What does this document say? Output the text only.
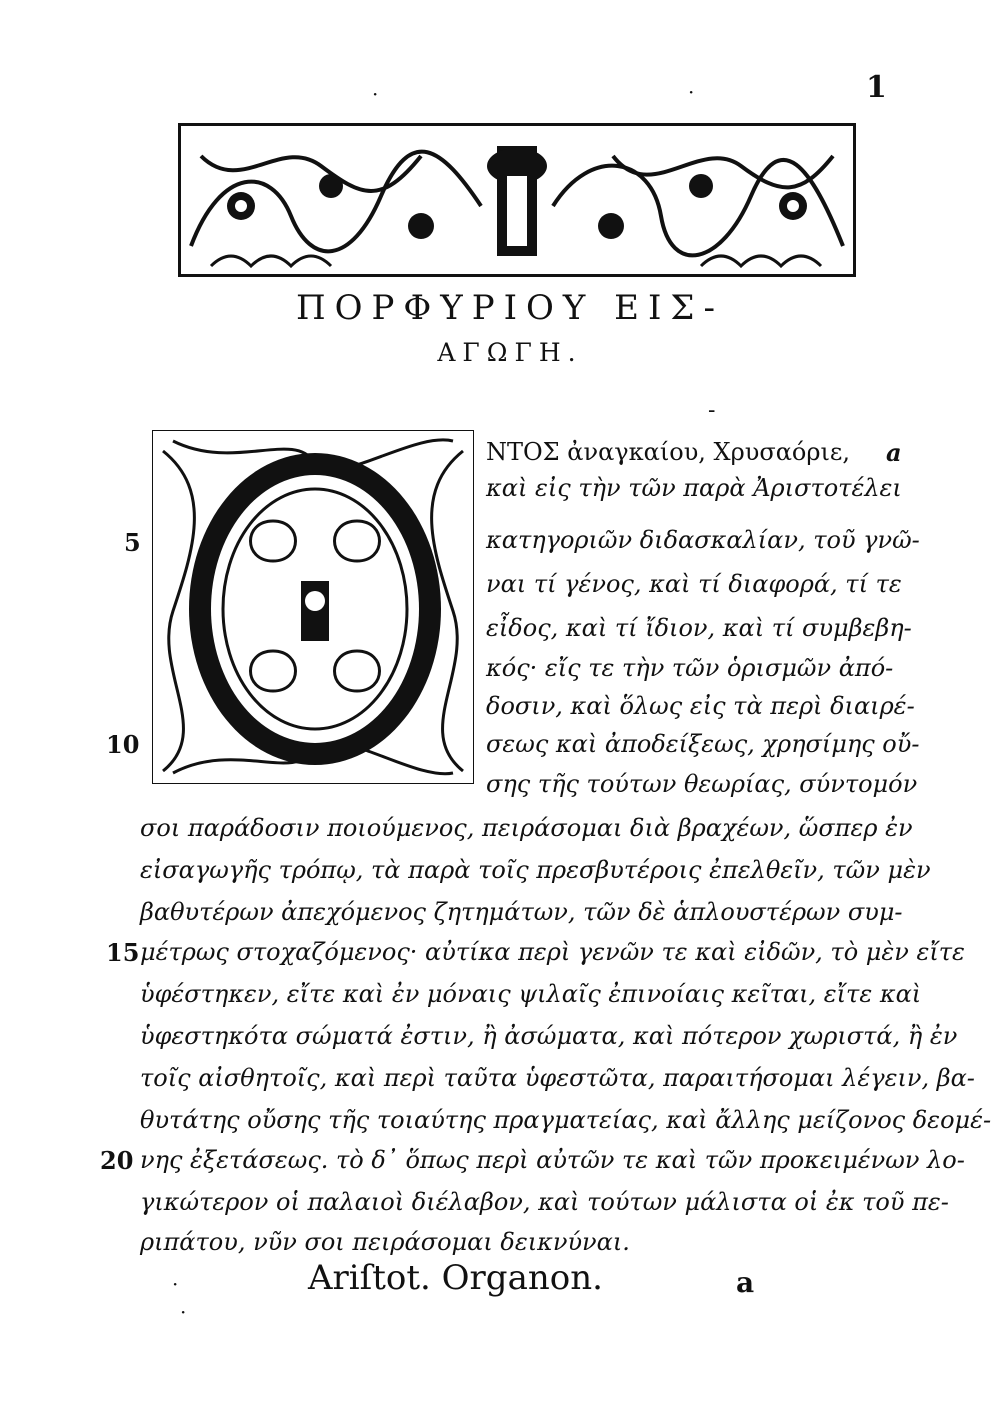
1
·	·
ΠΟΡΦΥΡΙΟΥ ΕΙΣ-
ΑΓΩΓΗ.
-
ΝΤΟΣ ἀναγκαίου, Χρυσαόριε,
καὶ εἰς τὴν τῶν παρὰ Ἀριστοτέλει
κατηγοριῶν διδασκαλίαν, τοῦ γνῶ-
ναι τί γένος, καὶ τί διαφορά, τί τε
εἶδος, καὶ τί ἴδιον, καὶ τί συμβεβη-
κός· εἴς τε τὴν τῶν ὁρισμῶν ἀπό-
δοσιν, καὶ ὅλως εἰς τὰ περὶ διαιρέ-
σεως καὶ ἀποδείξεως, χρησίμης οὔ-
σης τῆς τούτων θεωρίας, σύντομόν
σοι παράδοσιν ποιούμενος, πειράσομαι διὰ βραχέων, ὥσπερ ἐν
εἰσαγωγῆς τρόπῳ, τὰ παρὰ τοῖς πρεσβυτέροις ἐπελθεῖν, τῶν μὲν
βαθυτέρων ἀπεχόμενος ζητημάτων, τῶν δὲ ἁπλουστέρων συμ-
μέτρως στοχαζόμενος· αὐτίκα περὶ γενῶν τε καὶ εἰδῶν, τὸ μὲν εἴτε
ὑφέστηκεν, εἴτε καὶ ἐν μόναις ψιλαῖς ἐπινοίαις κεῖται, εἴτε καὶ
ὑφεστηκότα σώματά ἐστιν, ἢ ἀσώματα, καὶ πότερον χωριστά, ἢ ἐν
τοῖς αἰσθητοῖς, καὶ περὶ ταῦτα ὑφεστῶτα, παραιτήσομαι λέγειν, βα-
θυτάτης οὔσης τῆς τοιαύτης πραγματείας, καὶ ἄλλης μείζονος δεομέ-
νης ἐξετάσεως. τὸ δ᾽ ὅπως περὶ αὐτῶν τε καὶ τῶν προκειμένων λο-
γικώτερον οἱ παλαιοὶ διέλαβον, καὶ τούτων μάλιστα οἱ ἐκ τοῦ πε-
ριπάτου, νῦν σοι πειράσομαι δεικνύναι.
5
10
15
20
a
Ariſtot. Organon.	a
·
·
